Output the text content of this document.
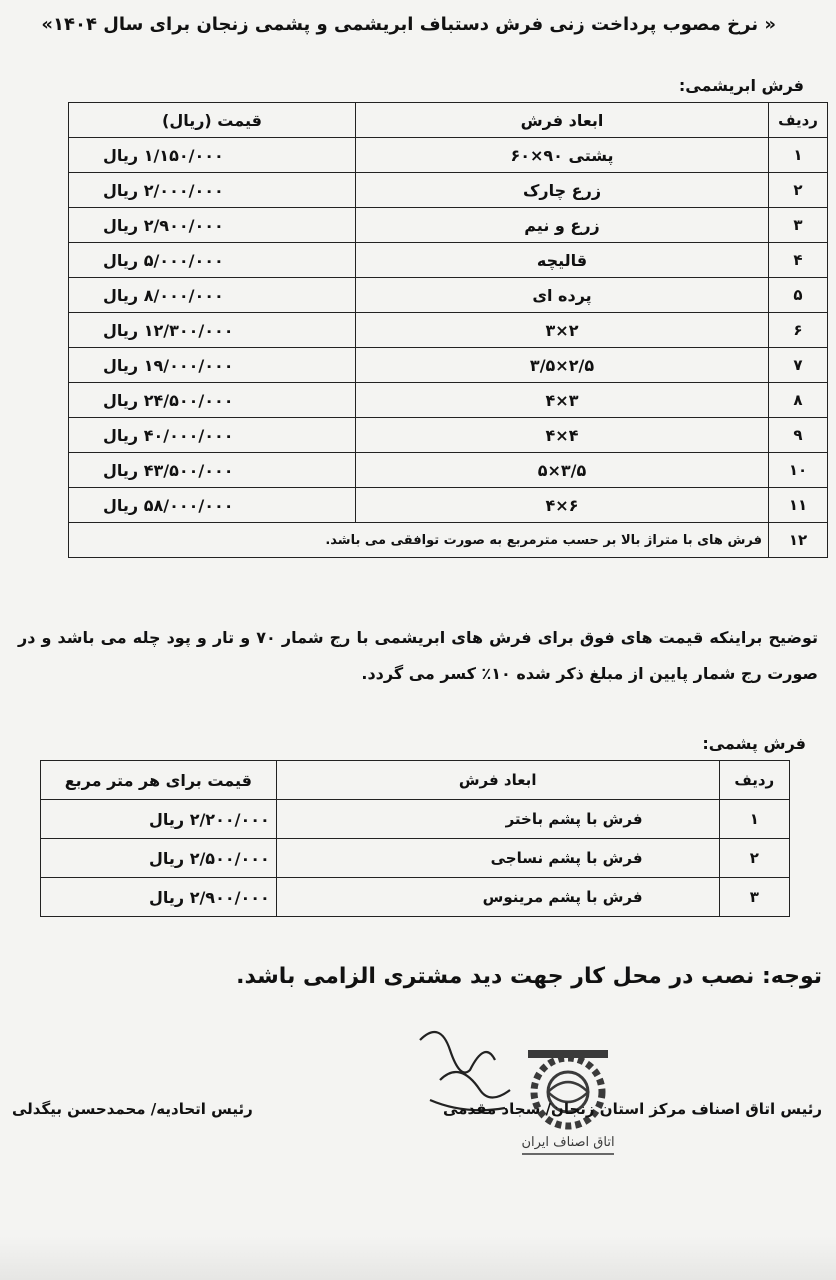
« نرخ مصوب پرداخت زنی فرش دستباف ابریشمی و پشمی زنجان برای سال ۱۴۰۴»
فرش ابریشمی:
ردیف	ابعاد فرش	قیمت (ریال)
۱	پشتی ۹۰×۶۰	۱/۱۵۰/۰۰۰ ریال
۲	زرع چارک	۲/۰۰۰/۰۰۰ ریال
۳	زرع و نیم	۲/۹۰۰/۰۰۰ ریال
۴	قالیچه	۵/۰۰۰/۰۰۰ ریال
۵	پرده ای	۸/۰۰۰/۰۰۰ ریال
۶	۲×۳	۱۲/۳۰۰/۰۰۰ ریال
۷	۲/۵×۳/۵	۱۹/۰۰۰/۰۰۰ ریال
۸	۳×۴	۲۴/۵۰۰/۰۰۰ ریال
۹	۴×۴	۴۰/۰۰۰/۰۰۰ ریال
۱۰	۳/۵×۵	۴۳/۵۰۰/۰۰۰ ریال
۱۱	۶×۴	۵۸/۰۰۰/۰۰۰ ریال
۱۲	فرش های با متراژ بالا بر حسب مترمربع به صورت توافقی می باشد.	
توضیح براینکه قیمت های فوق برای فرش های ابریشمی با رج شمار ۷۰ و تار و پود چله می باشد و در صورت رج شمار پایین از مبلغ ذکر شده ۱۰٪ کسر می گردد.
فرش پشمی:
ردیف	ابعاد فرش	قیمت برای هر متر مربع
۱	فرش با پشم باختر	۲/۲۰۰/۰۰۰ ریال
۲	فرش با پشم نساجی	۲/۵۰۰/۰۰۰ ریال
۳	فرش با پشم مرینوس	۲/۹۰۰/۰۰۰ ریال
توجه: نصب در محل کار جهت دید مشتری الزامی باشد.
اتاق اصناف ایران
رئیس اتاق اصناف مرکز استان زنجان/ سجاد مقدمی
رئیس اتحادیه/ محمدحسن بیگدلی
